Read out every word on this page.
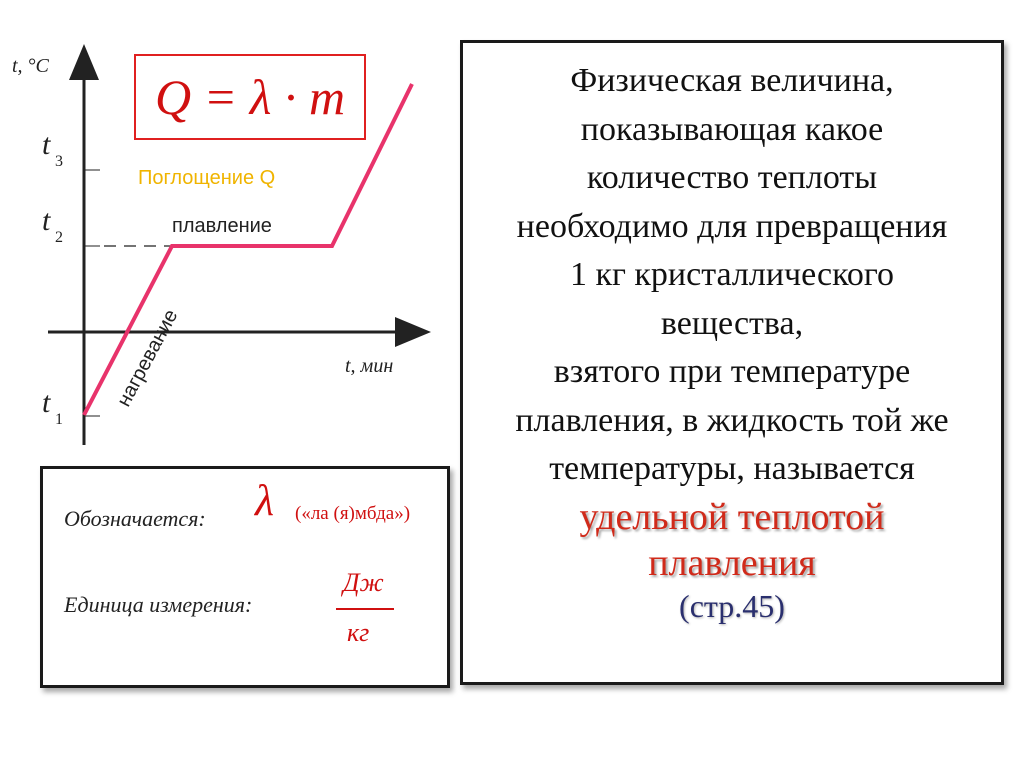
t, °C
t, мин
t
3
t
2
t
1
Поглощение Q
плавление
нагревание
Q = λ · m	Физическая величина,
показывающая какое
количество теплоты
необходимо для превращения
1 кг кристаллического
вещества,
взятого при температуре
плавления, в жидкость той же
температуры, называется

удельной теплотой
плавления

(стр.45)

Обозначается: λ («ла (я)мбда»)
Единица измерения:
Дж
кг
